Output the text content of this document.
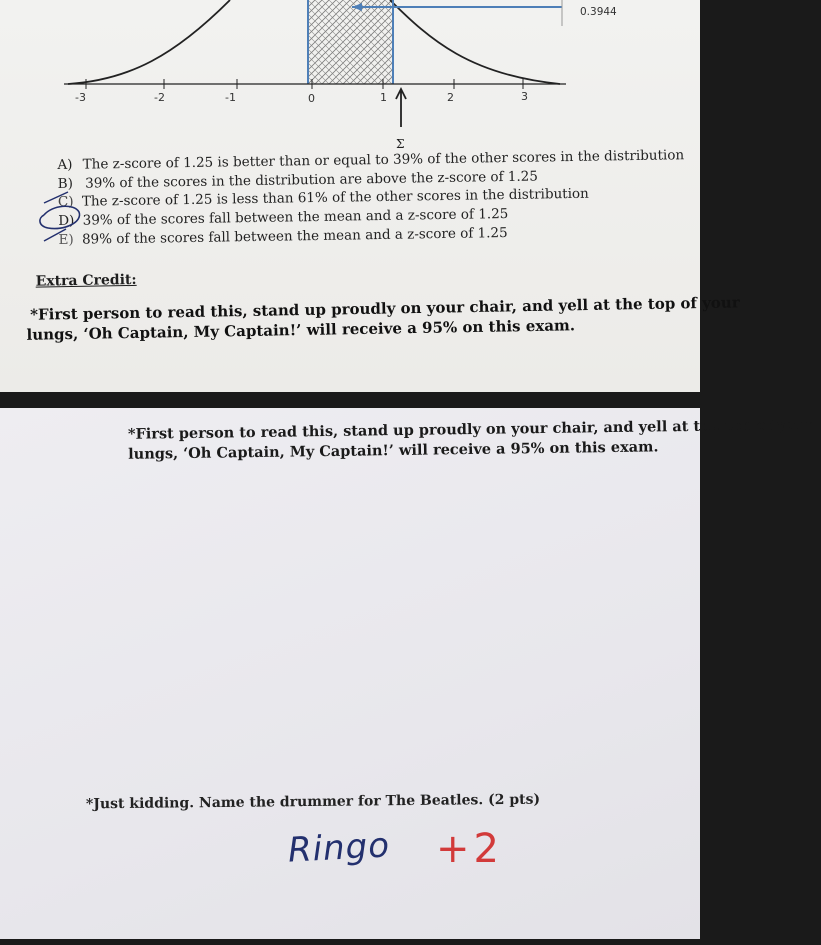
0.3944
-3	-2	-1	0	1	2	3
Σ
A) The z-score of 1.25 is better than or equal to 39% of the other scores in the distribution
B) 39% of the scores in the distribution are above the z-score of 1.25
C) The z-score of 1.25 is less than 61% of the other scores in the distribution
D) 39% of the scores fall between the mean and a z-score of 1.25
E) 89% of the scores fall between the mean and a z-score of 1.25
Extra Credit:
*First person to read this, stand up proudly on your chair, and yell at the top of your
lungs, ‘Oh Captain, My Captain!’ will receive a 95% on this exam.
*First person to read this, stand up proudly on your chair, and yell at the top of your
lungs, ‘Oh Captain, My Captain!’ will receive a 95% on this exam.
*Just kidding. Name the drummer for The Beatles. (2 pts)
Ringo +2
